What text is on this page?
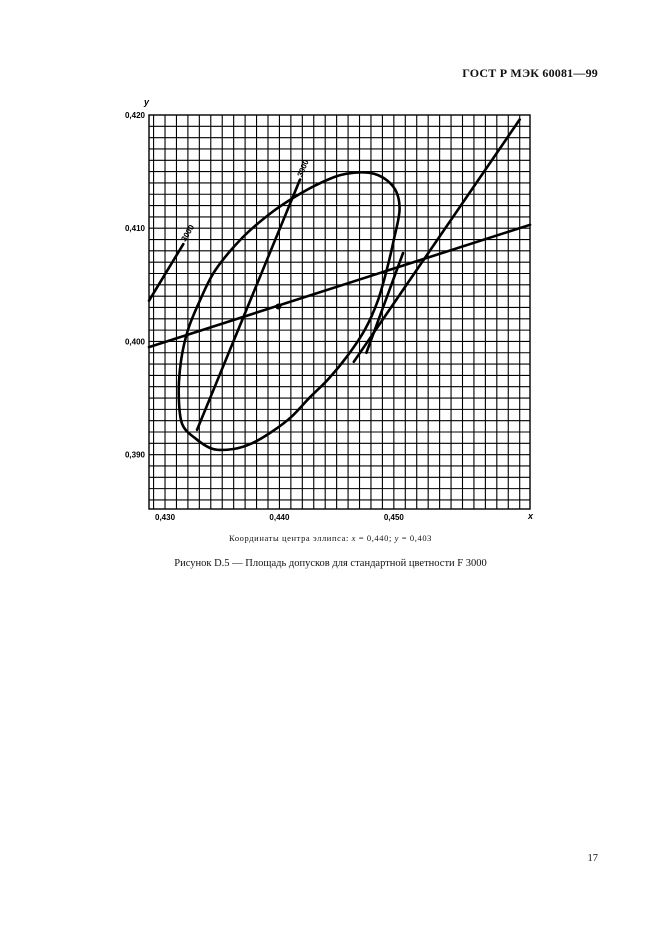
ГОСТ Р МЭК 60081—99
3000
3000
0,430	0,440	0,450
0,420
0,410
0,400
0,390
x
y
Координаты центра эллипса: x = 0,440; y = 0,403
Рисунок D.5 — Площадь допусков для стандартной цветности F 3000
17
